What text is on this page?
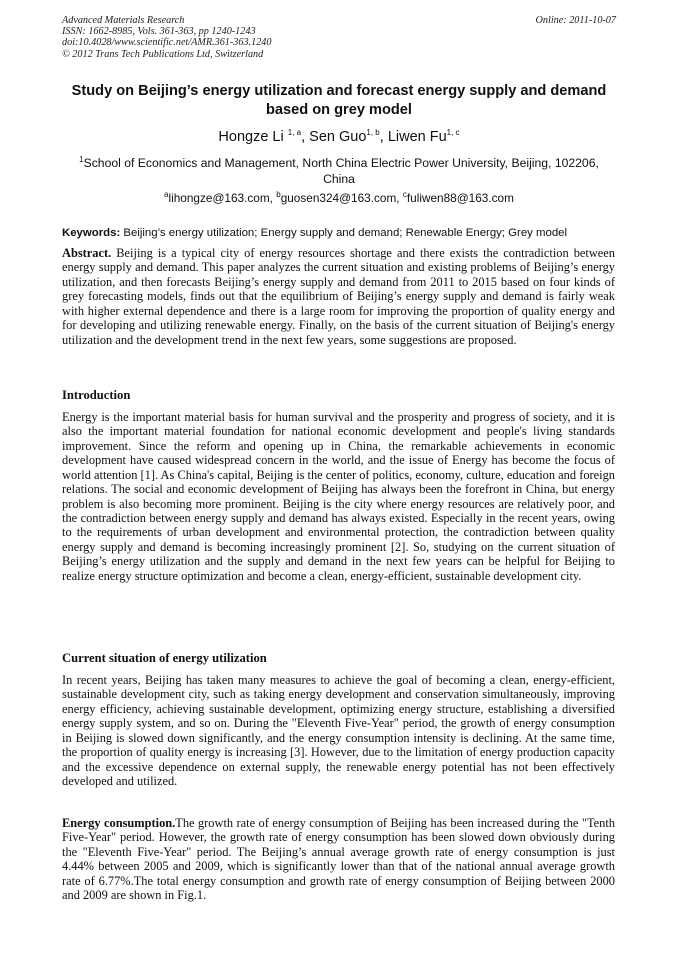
Advanced Materials Research
ISSN: 1662-8985, Vols. 361-363, pp 1240-1243
doi:10.4028/www.scientific.net/AMR.361-363.1240
© 2012 Trans Tech Publications Ltd, Switzerland
Online: 2011-10-07
Study on Beijing’s energy utilization and forecast energy supply and demand based on grey model
Hongze Li $^{1, a}$, Sen Guo$^{1, b}$, Liwen Fu$^{1, c}$
$^1$School of Economics and Management, North China Electric Power University, Beijing, 102206, China
$^a$lihongze@163.com, $^b$guosen324@163.com, $^c$fuliwen88@163.com
Keywords: Beijing’s energy utilization; Energy supply and demand; Renewable Energy; Grey model
Abstract. Beijing is a typical city of energy resources shortage and there exists the contradiction between energy supply and demand. This paper analyzes the current situation and existing problems of Beijing’s energy utilization, and then forecasts Beijing’s energy supply and demand from 2011 to 2015 based on four kinds of grey forecasting models, finds out that the equilibrium of Beijing’s energy supply and demand is fairly weak with higher external dependence and there is a large room for improving the proportion of quality energy and for developing and utilizing renewable energy. Finally, on the basis of the current situation of Beijing's energy utilization and the development trend in the next few years, some suggestions are proposed.
Introduction
Energy is the important material basis for human survival and the prosperity and progress of society, and it is also the important material foundation for national economic development and people's living standards improvement. Since the reform and opening up in China, the remarkable achievements in economic development have caused widespread concern in the world, and the issue of Energy has become the focus of world attention [1]. As China's capital, Beijing is the center of politics, economy, culture, education and foreign relations. The social and economic development of Beijing has always been the forefront in China, but energy problem is also becoming more prominent. Beijing is the city where energy resources are relatively poor, and the contradiction between energy supply and demand has always existed. Especially in the recent years, owing to the requirements of urban development and environmental protection, the contradiction between quality energy supply and demand is becoming increasingly prominent [2]. So, studying on the current situation of Beijing’s energy utilization and the supply and demand in the next few years can be helpful for Beijing to realize energy structure optimization and become a clean, energy-efficient, sustainable development city.
Current situation of energy utilization
In recent years, Beijing has taken many measures to achieve the goal of becoming a clean, energy-efficient, sustainable development city, such as taking energy development and conservation simultaneously, improving energy efficiency, achieving sustainable development, optimizing energy structure, establishing a diversified energy supply system, and so on. During the "Eleventh Five-Year" period, the growth of energy consumption in Beijing is slowed down significantly, and the energy consumption intensity is declining. At the same time, the proportion of quality energy is increasing [3]. However, due to the limitation of energy production capacity and the excessive dependence on external supply, the renewable energy potential has not been effectively developed and utilized.
Energy consumption.The growth rate of energy consumption of Beijing has been increased during the "Tenth Five-Year" period. However, the growth rate of energy consumption has been slowed down obviously during the "Eleventh Five-Year" period. The Beijing’s annual average growth rate of energy consumption is just 4.44% between 2005 and 2009, which is significantly lower than that of the national annual average growth rate of 6.77%.The total energy consumption and growth rate of energy consumption of Beijing between 2000 and 2009 are shown in Fig.1.
